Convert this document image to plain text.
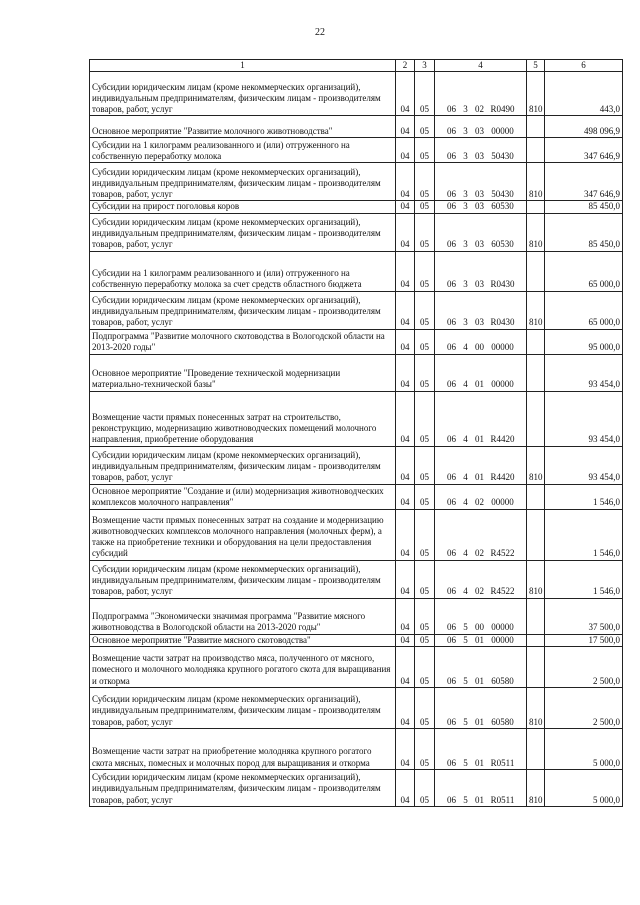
22
1	2	3	4	5	6
Субсидии юридическим лицам (кроме некоммерческих организаций), индивидуальным предпринимателям, физическим лицам - производителям товаров, работ, услуг	04	05	06 3 02 R0490	810	443,0
Основное мероприятие "Развитие молочного животноводства"	04	05	06 3 03 00000		498 096,9
Субсидии на 1 килограмм реализованного и (или) отгруженного на собственную переработку молока	04	05	06 3 03 50430		347 646,9
Субсидии юридическим лицам (кроме некоммерческих организаций), индивидуальным предпринимателям, физическим лицам - производителям товаров, работ, услуг	04	05	06 3 03 50430	810	347 646,9
Субсидии на прирост поголовья коров	04	05	06 3 03 60530		85 450,0
Субсидии юридическим лицам (кроме некоммерческих организаций), индивидуальным предпринимателям, физическим лицам - производителям товаров, работ, услуг	04	05	06 3 03 60530	810	85 450,0
Субсидии на 1 килограмм реализованного и (или) отгруженного на собственную переработку молока за счет средств областного бюджета	04	05	06 3 03 R0430		65 000,0
Субсидии юридическим лицам (кроме некоммерческих организаций), индивидуальным предпринимателям, физическим лицам - производителям товаров, работ, услуг	04	05	06 3 03 R0430	810	65 000,0
Подпрограмма "Развитие молочного скотоводства в Вологодской области на 2013-2020 годы"	04	05	06 4 00 00000		95 000,0
Основное мероприятие "Проведение технической модернизации материально-технической базы"	04	05	06 4 01 00000		93 454,0
Возмещение части прямых понесенных затрат на строительство, реконструкцию, модернизацию животноводческих помещений молочного направления, приобретение оборудования	04	05	06 4 01 R4420		93 454,0
Субсидии юридическим лицам (кроме некоммерческих организаций), индивидуальным предпринимателям, физическим лицам - производителям товаров, работ, услуг	04	05	06 4 01 R4420	810	93 454,0
Основное мероприятие "Создание и (или) модернизация животноводческих комплексов молочного направления"	04	05	06 4 02 00000		1 546,0
Возмещение части прямых понесенных затрат на создание и модернизацию животноводческих комплексов молочного направления (молочных ферм), а также на приобретение техники и оборудования на цели предоставления субсидий	04	05	06 4 02 R4522		1 546,0
Субсидии юридическим лицам (кроме некоммерческих организаций), индивидуальным предпринимателям, физическим лицам - производителям товаров, работ, услуг	04	05	06 4 02 R4522	810	1 546,0
Подпрограмма "Экономически значимая программа "Развитие мясного животноводства в Вологодской области на 2013-2020 годы"	04	05	06 5 00 00000		37 500,0
Основное мероприятие "Развитие мясного скотоводства"	04	05	06 5 01 00000		17 500,0
Возмещение части затрат на производство мяса, полученного от мясного, помесного и молочного молодняка крупного рогатого скота для выращивания и откорма	04	05	06 5 01 60580		2 500,0
Субсидии юридическим лицам (кроме некоммерческих организаций), индивидуальным предпринимателям, физическим лицам - производителям товаров, работ, услуг	04	05	06 5 01 60580	810	2 500,0
Возмещение части затрат на приобретение молодняка крупного рогатого скота мясных, помесных и молочных пород для выращивания и откорма	04	05	06 5 01 R0511		5 000,0
Субсидии юридическим лицам (кроме некоммерческих организаций), индивидуальным предпринимателям, физическим лицам - производителям товаров, работ, услуг	04	05	06 5 01 R0511	810	5 000,0
